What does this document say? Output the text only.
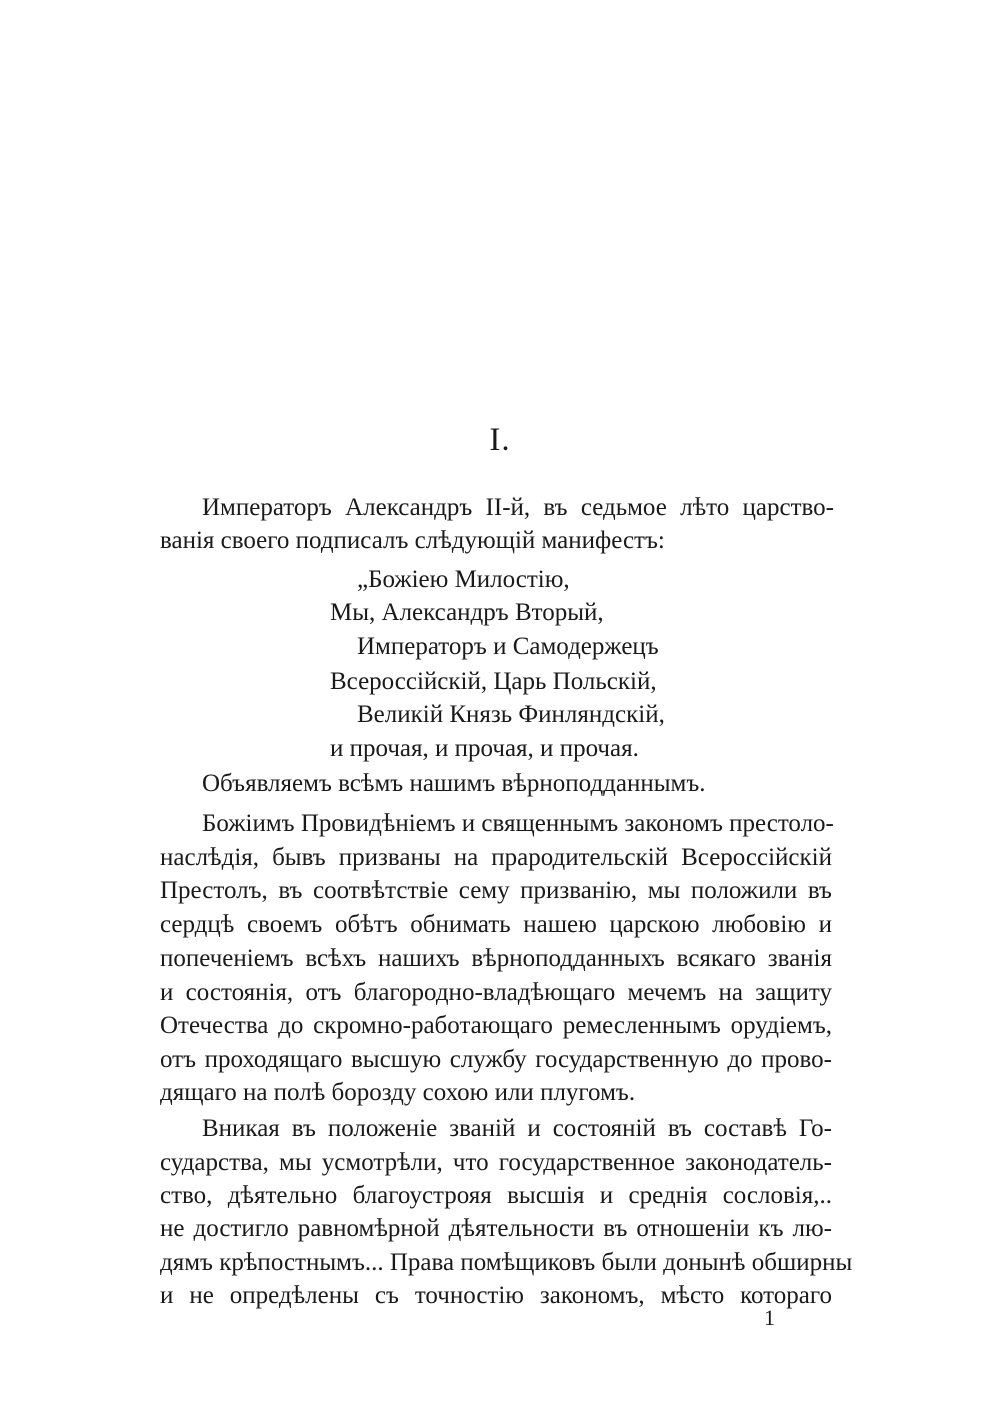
I.
Императоръ Александръ II-й, въ седьмое лѣто царство-
ванія своего подписалъ слѣдующій манифестъ:
„Божіею Милостію,
Мы, Александръ Вторый,
Императоръ и Самодержецъ
Всероссійскій, Царь Польскій,
Великій Князь Финляндскій,
и прочая, и прочая, и прочая.
Объявляемъ всѣмъ нашимъ вѣрноподданнымъ.
Божіимъ Провидѣніемъ и священнымъ закономъ престоло-
наслѣдія, бывъ призваны на прародительскій Всероссійскій
Престолъ, въ соотвѣтствіе сему призванію, мы положили въ
сердцѣ своемъ обѣтъ обнимать нашею царскою любовію и
попеченіемъ всѣхъ нашихъ вѣрноподданныхъ всякаго званія
и состоянія, отъ благородно-владѣющаго мечемъ на защиту
Отечества до скромно-работающаго ремесленнымъ орудіемъ,
отъ проходящаго высшую службу государственную до прово-
дящаго на полѣ борозду сохою или плугомъ.
Вникая въ положеніе званій и состояній въ составѣ Го-
сударства, мы усмотрѣли, что государственное законодатель-
ство, дѣятельно благоустрояя высшія и среднія сословія,..
не достигло равномѣрной дѣятельности въ отношеніи къ лю-
дямъ крѣпостнымъ... Права помѣщиковъ были донынѣ обширны
и не опредѣлены съ точностію закономъ, мѣсто котораго
1
